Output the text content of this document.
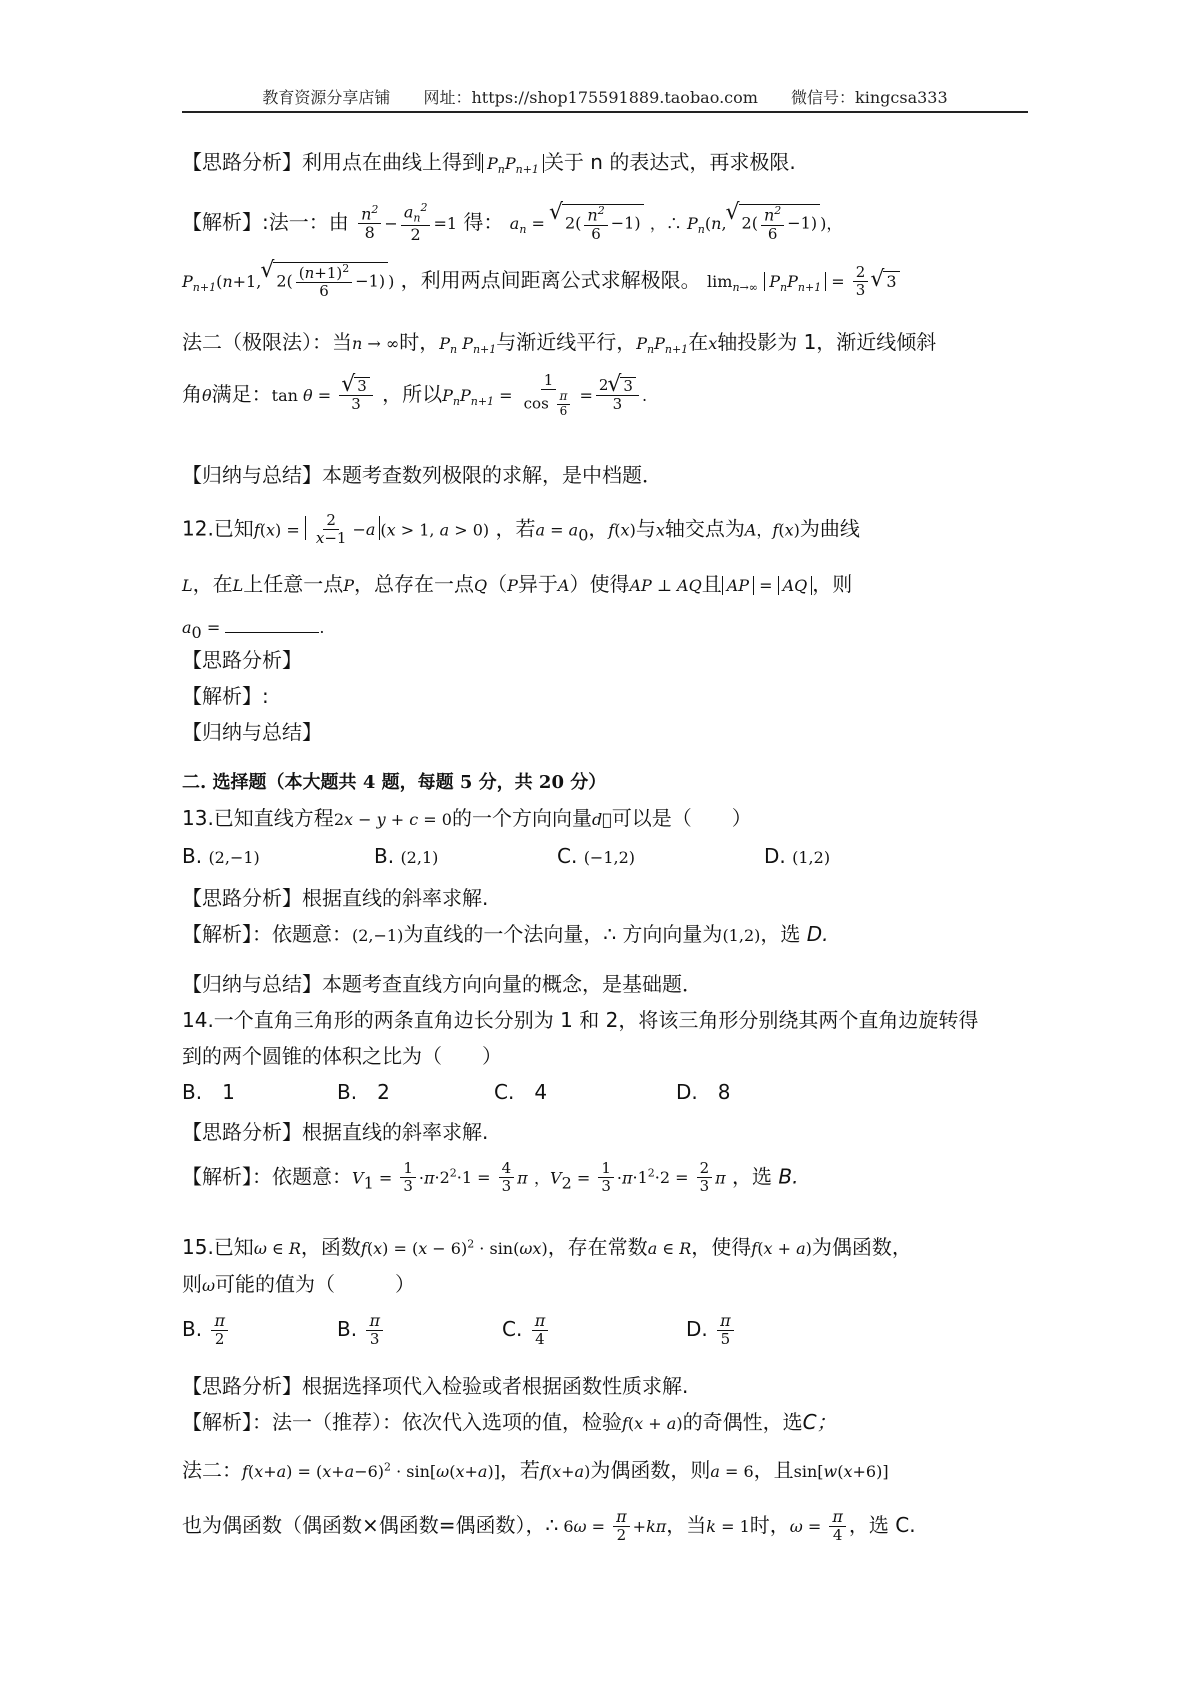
教育资源分享店铺 网址：https://shop175591889.taobao.com 微信号：kingcsa333
【思路分析】利用点在曲线上得到 $P_nP_{n+1}$ 关于 n 的表达式，再求极限.
【解析】:法一：由 $\frac{n^2}{8} - \frac{a_n^2}{2} =1$ 得： $a_n$ = √ $2( \frac{n^2}{6} -1)$ ，∴ $P_n(n,√$ $2( \frac{n^2}{6} -1)$ )，
$P_{n+1}(n+1,√$ $2( \frac{(n+1)^2}{6} -1)$ ) ，利用两点间距离公式求解极限。 $\lim_{n\to\infty} P_nP_{n+1} = \frac{2}{3}$
√ 3
法二（极限法）：当n → ∞时，$P_n$ $P_{n+1}$与渐近线平行，$P_nP_{n+1}$在x轴投影为 1，渐近线倾斜
角θ满足：tan θ =
√ $\frac{3}{3}$ ，所以$P_nP_{n+1} = \frac{1}{\cos \frac{\pi}{6}} = \frac{2√ 3}{3}$ .
【归纳与总结】本题考查数列极限的求解，是中档题．
12.已知$f(x) = \frac{2}{x-1} -a$ (x > 1, a > 0) ，若$a = a_0$，f(x)与x轴交点为A，f(x)为曲线
L，在L上任意一点P，总存在一点Q（P异于A）使得AP ⊥ AQ且 AP = AQ ，则
$a_0$ =	.
【思路分析】
【解析】:
【归纳与总结】
二. 选择题（本大题共 4 题，每题 5 分，共 20 分）
13.已知直线方程2x − y + c = 0的一个方向向量d⃗可以是（　　）
B. (2,−1)	B. (2,1)	C. (−1,2)	D. (1,2)
【思路分析】根据直线的斜率求解.
【解析】：依题意：(2,−1)为直线的一个法向量，∴ 方向向量为(1,2)，选 D.
【归纳与总结】本题考查直线方向向量的概念，是基础题．
14.一个直角三角形的两条直角边长分别为 1 和 2，将该三角形分别绕其两个直角边旋转得
到的两个圆锥的体积之比为（　　）
B.　1	B.　2	C.　4	D.　8
【思路分析】根据直线的斜率求解.
【解析】：依题意：$V_1 = \frac{1}{3} \cdot\pi\cdot 2^2\cdot 1 = \frac{4}{3}$ π ，$V_2 = \frac{1}{3} \cdot\pi\cdot 1^2\cdot 2 = \frac{2}{3}$ π ，选 B.
15.已知ω ∈ R，函数$f(x) = (x - 6)^2 \cdot \sin(\omega x)$，存在常数a ∈ R，使得f(x + a)为偶函数，
则ω可能的值为（　　　）
B. $\frac{\pi}{2}$	B. $\frac{\pi}{3}$	C. $\frac{\pi}{4}$	D. $\frac{\pi}{5}$
【思路分析】根据选择项代入检验或者根据函数性质求解.
【解析】：法一（推荐）：依次代入选项的值，检验f(x + a)的奇偶性，选C；
法二：$f(x+a) = (x+a-6)^2 \cdot \sin[\omega(x+a)]$，若f(x+a)为偶函数，则a = 6，且sin[w(x+6)]
也为偶函数（偶函数×偶函数=偶函数），∴ $6\omega = \frac{\pi}{2} +k\pi$，当k = 1时，$\omega = \frac{\pi}{4}$ ，选 C.
